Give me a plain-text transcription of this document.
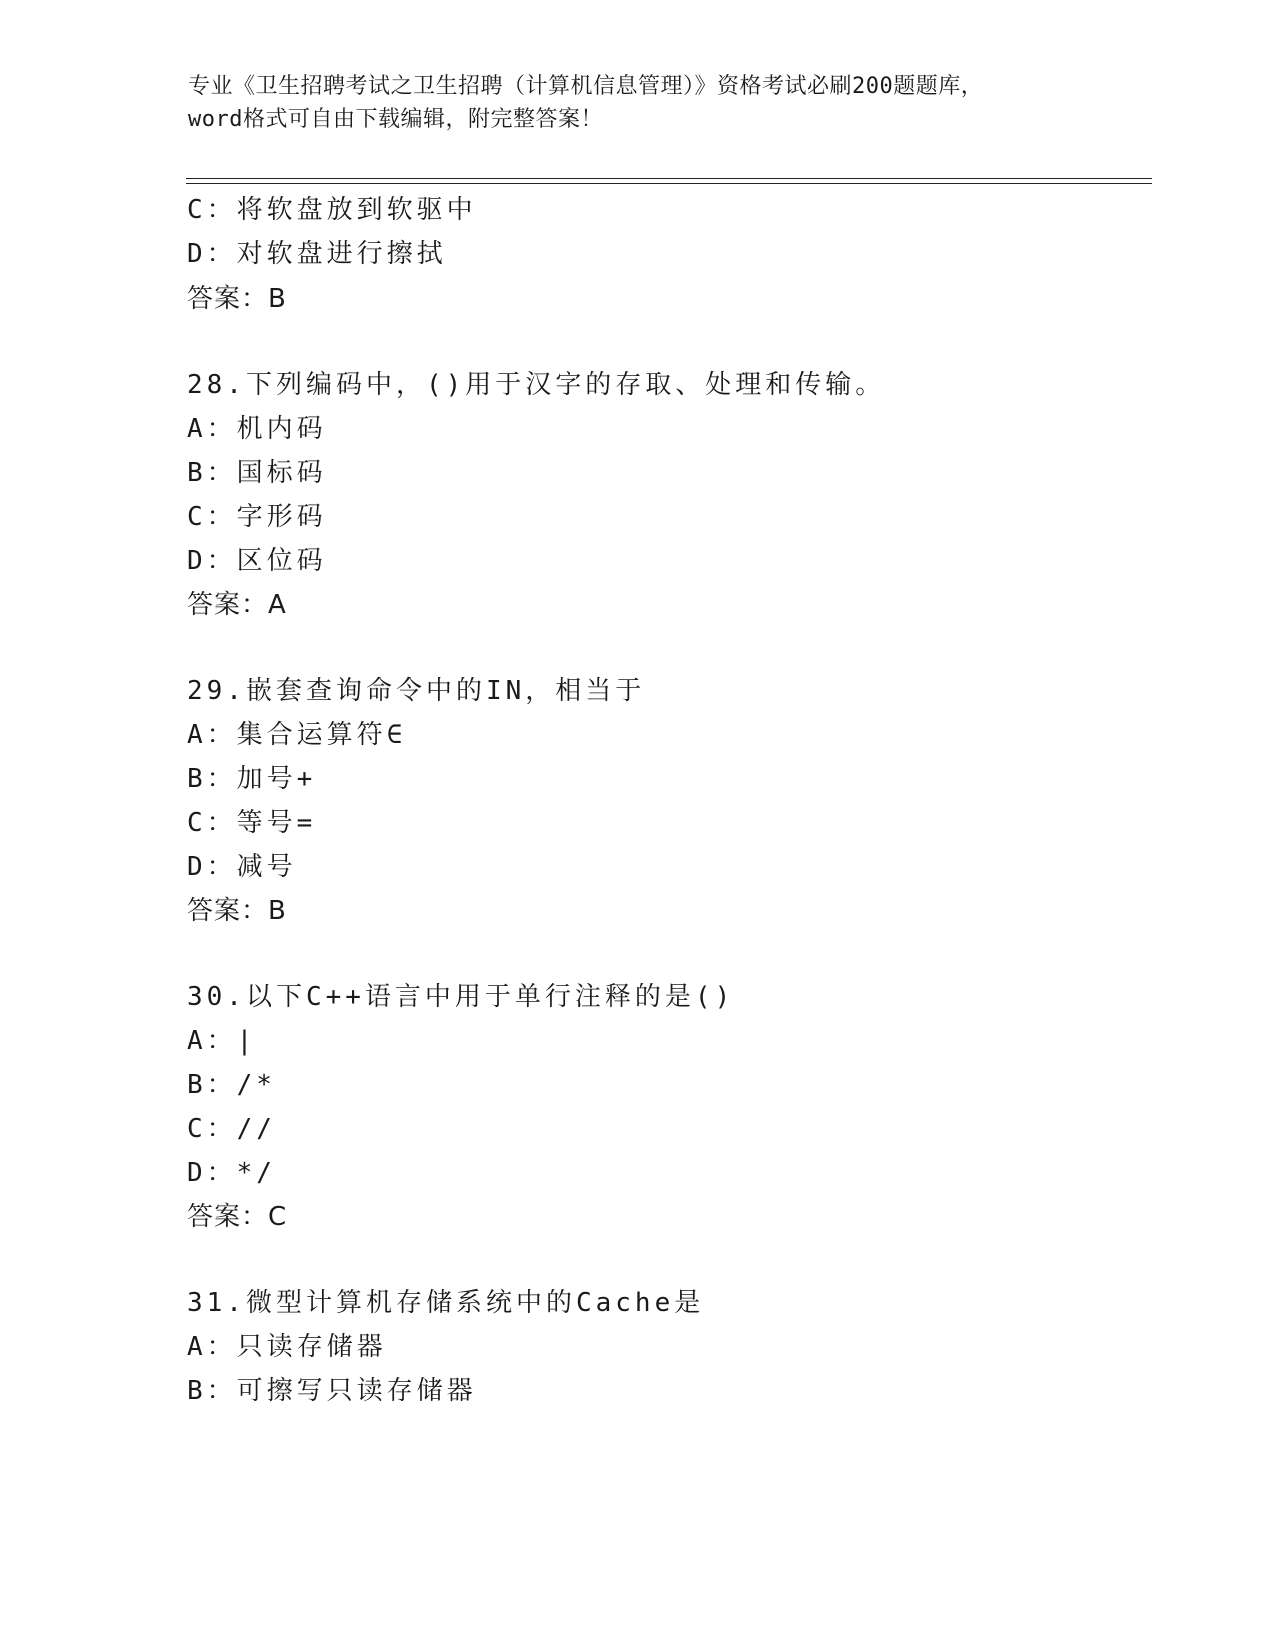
专业《卫生招聘考试之卫生招聘（计算机信息管理）》资格考试必刷200题题库，
word格式可自由下载编辑，附完整答案！
C：将软盘放到软驱中
D：对软盘进行擦拭
答案：B
28.下列编码中，()用于汉字的存取、处理和传输。
A：机内码
B：国标码
C：字形码
D：区位码
答案：A
29.嵌套查询命令中的IN，相当于
A：集合运算符∈
B：加号+
C：等号=
D：减号
答案：B
30.以下C++语言中用于单行注释的是()
A：|
B：/*
C：//
D：*/
答案：C
31.微型计算机存储系统中的Cache是
A：只读存储器
B：可擦写只读存储器
